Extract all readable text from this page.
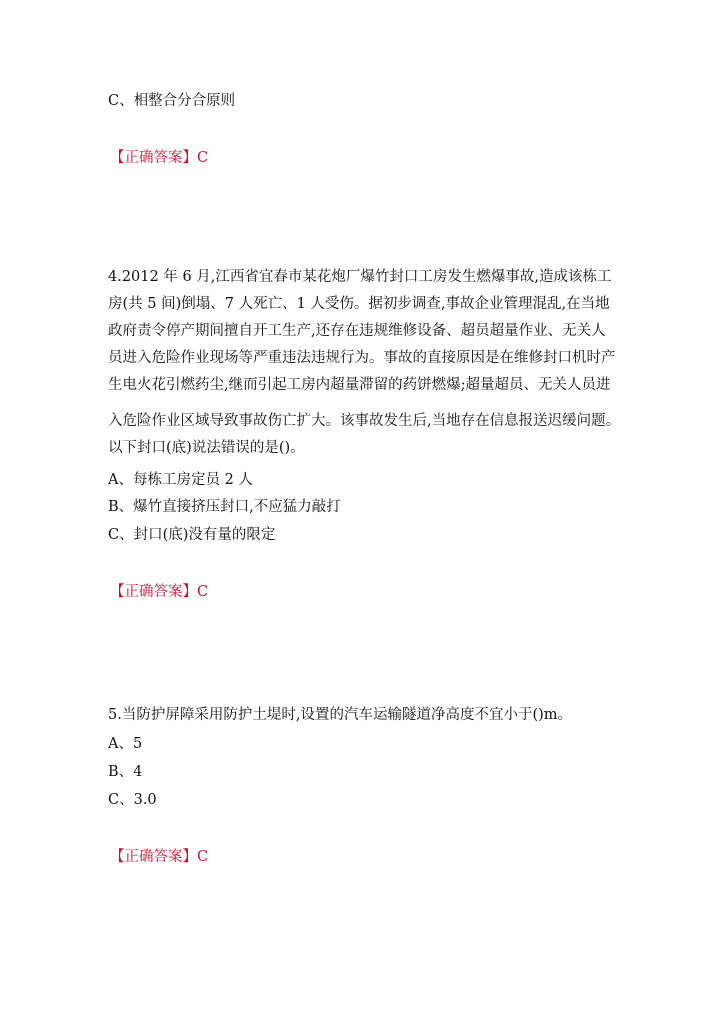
C、相整合分合原则
【正确答案】C
4.2012 年 6 月,江西省宜春市某花炮厂爆竹封口工房发生燃爆事故,造成该栋工
房(共 5 间)倒塌、7 人死亡、1 人受伤。据初步调查,事故企业管理混乱,在当地
政府责令停产期间擅自开工生产,还存在违规维修设备、超员超量作业、无关人
员进入危险作业现场等严重违法违规行为。事故的直接原因是在维修封口机时产
生电火花引燃药尘,继而引起工房内超量滞留的药饼燃爆;超量超员、无关人员进
入危险作业区域导致事故伤亡扩大。该事故发生后,当地存在信息报送迟缓问题。
以下封口(底)说法错误的是()。
A、每栋工房定员 2 人
B、爆竹直接挤压封口,不应猛力敲打
C、封口(底)没有量的限定
【正确答案】C
5.当防护屏障采用防护土堤时,设置的汽车运输隧道净高度不宜小于()m。
A、5
B、4
C、3.0
【正确答案】C
